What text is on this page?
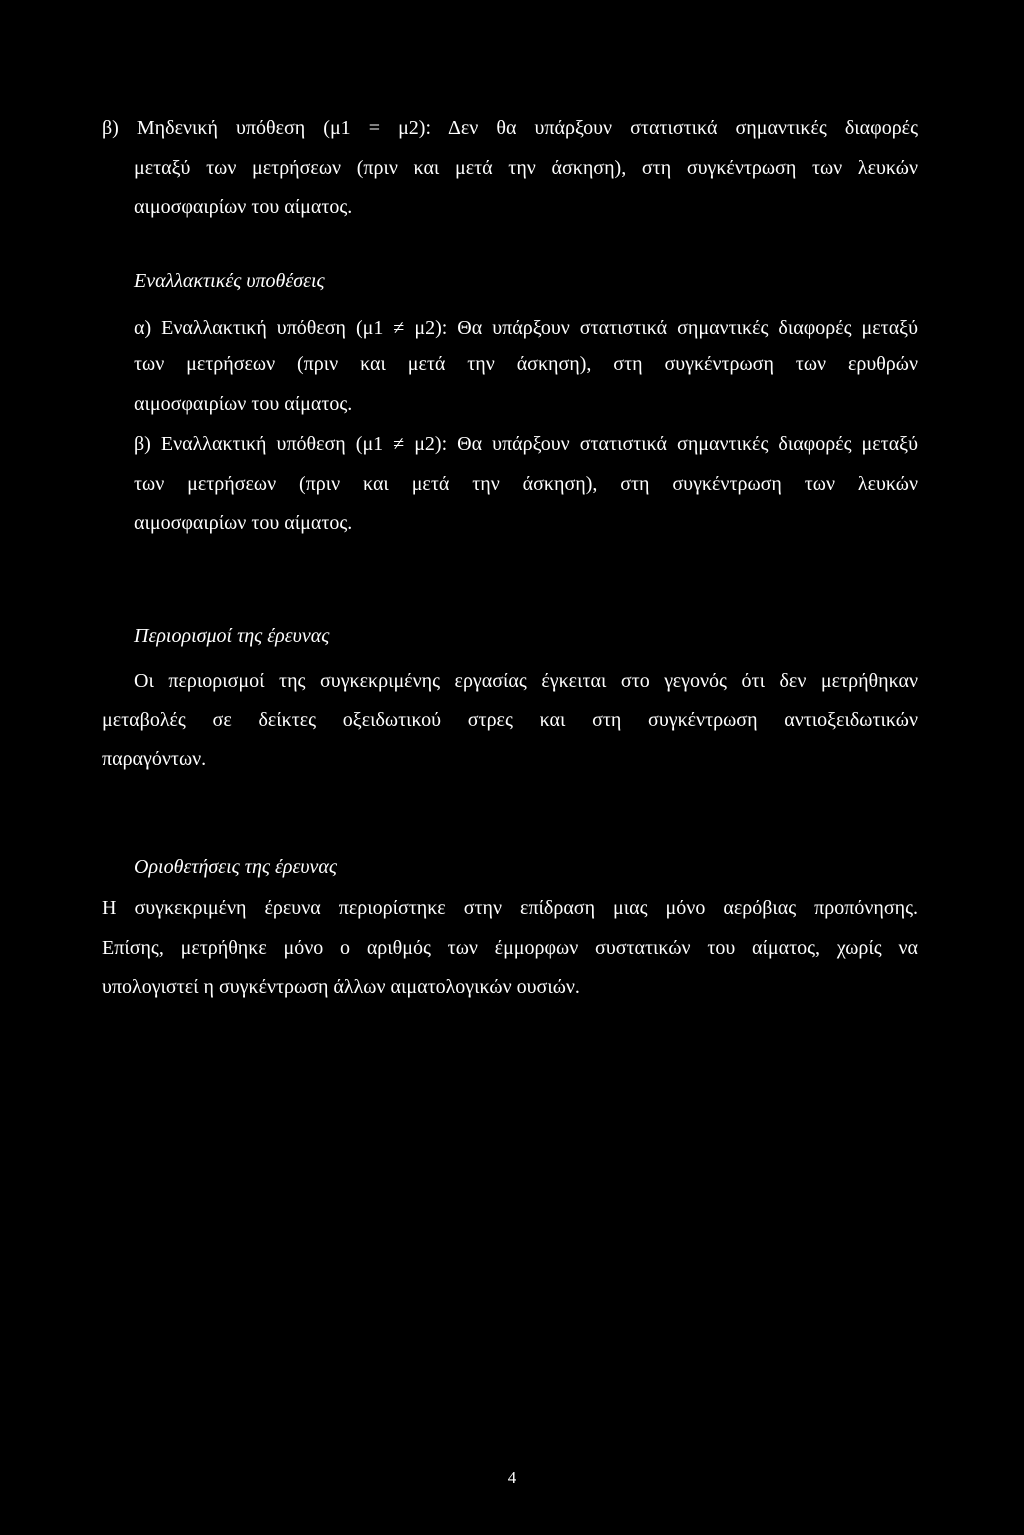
β) Μηδενική υπόθεση (μ1 = μ2): Δεν θα υπάρξουν στατιστικά σημαντικές διαφορές
μεταξύ των μετρήσεων (πριν και μετά την άσκηση), στη συγκέντρωση των λευκών
αιμοσφαιρίων του αίματος.
Εναλλακτικές υποθέσεις
α) Εναλλακτική υπόθεση (μ1 ≠ μ2): Θα υπάρξουν στατιστικά σημαντικές διαφορές μεταξύ
των μετρήσεων (πριν και μετά την άσκηση), στη συγκέντρωση των ερυθρών
αιμοσφαιρίων του αίματος.
β) Εναλλακτική υπόθεση (μ1 ≠ μ2): Θα υπάρξουν στατιστικά σημαντικές διαφορές μεταξύ
των μετρήσεων (πριν και μετά την άσκηση), στη συγκέντρωση των λευκών
αιμοσφαιρίων του αίματος.
Περιορισμοί της έρευνας
Οι περιορισμοί της συγκεκριμένης εργασίας έγκειται στο γεγονός ότι δεν μετρήθηκαν
μεταβολές σε δείκτες οξειδωτικού στρες και στη συγκέντρωση αντιοξειδωτικών
παραγόντων.
Οριοθετήσεις της έρευνας
Η συγκεκριμένη έρευνα περιορίστηκε στην επίδραση μιας μόνο αερόβιας προπόνησης.
Επίσης, μετρήθηκε μόνο ο αριθμός των έμμορφων συστατικών του αίματος, χωρίς να
υπολογιστεί η συγκέντρωση άλλων αιματολογικών ουσιών.
4
